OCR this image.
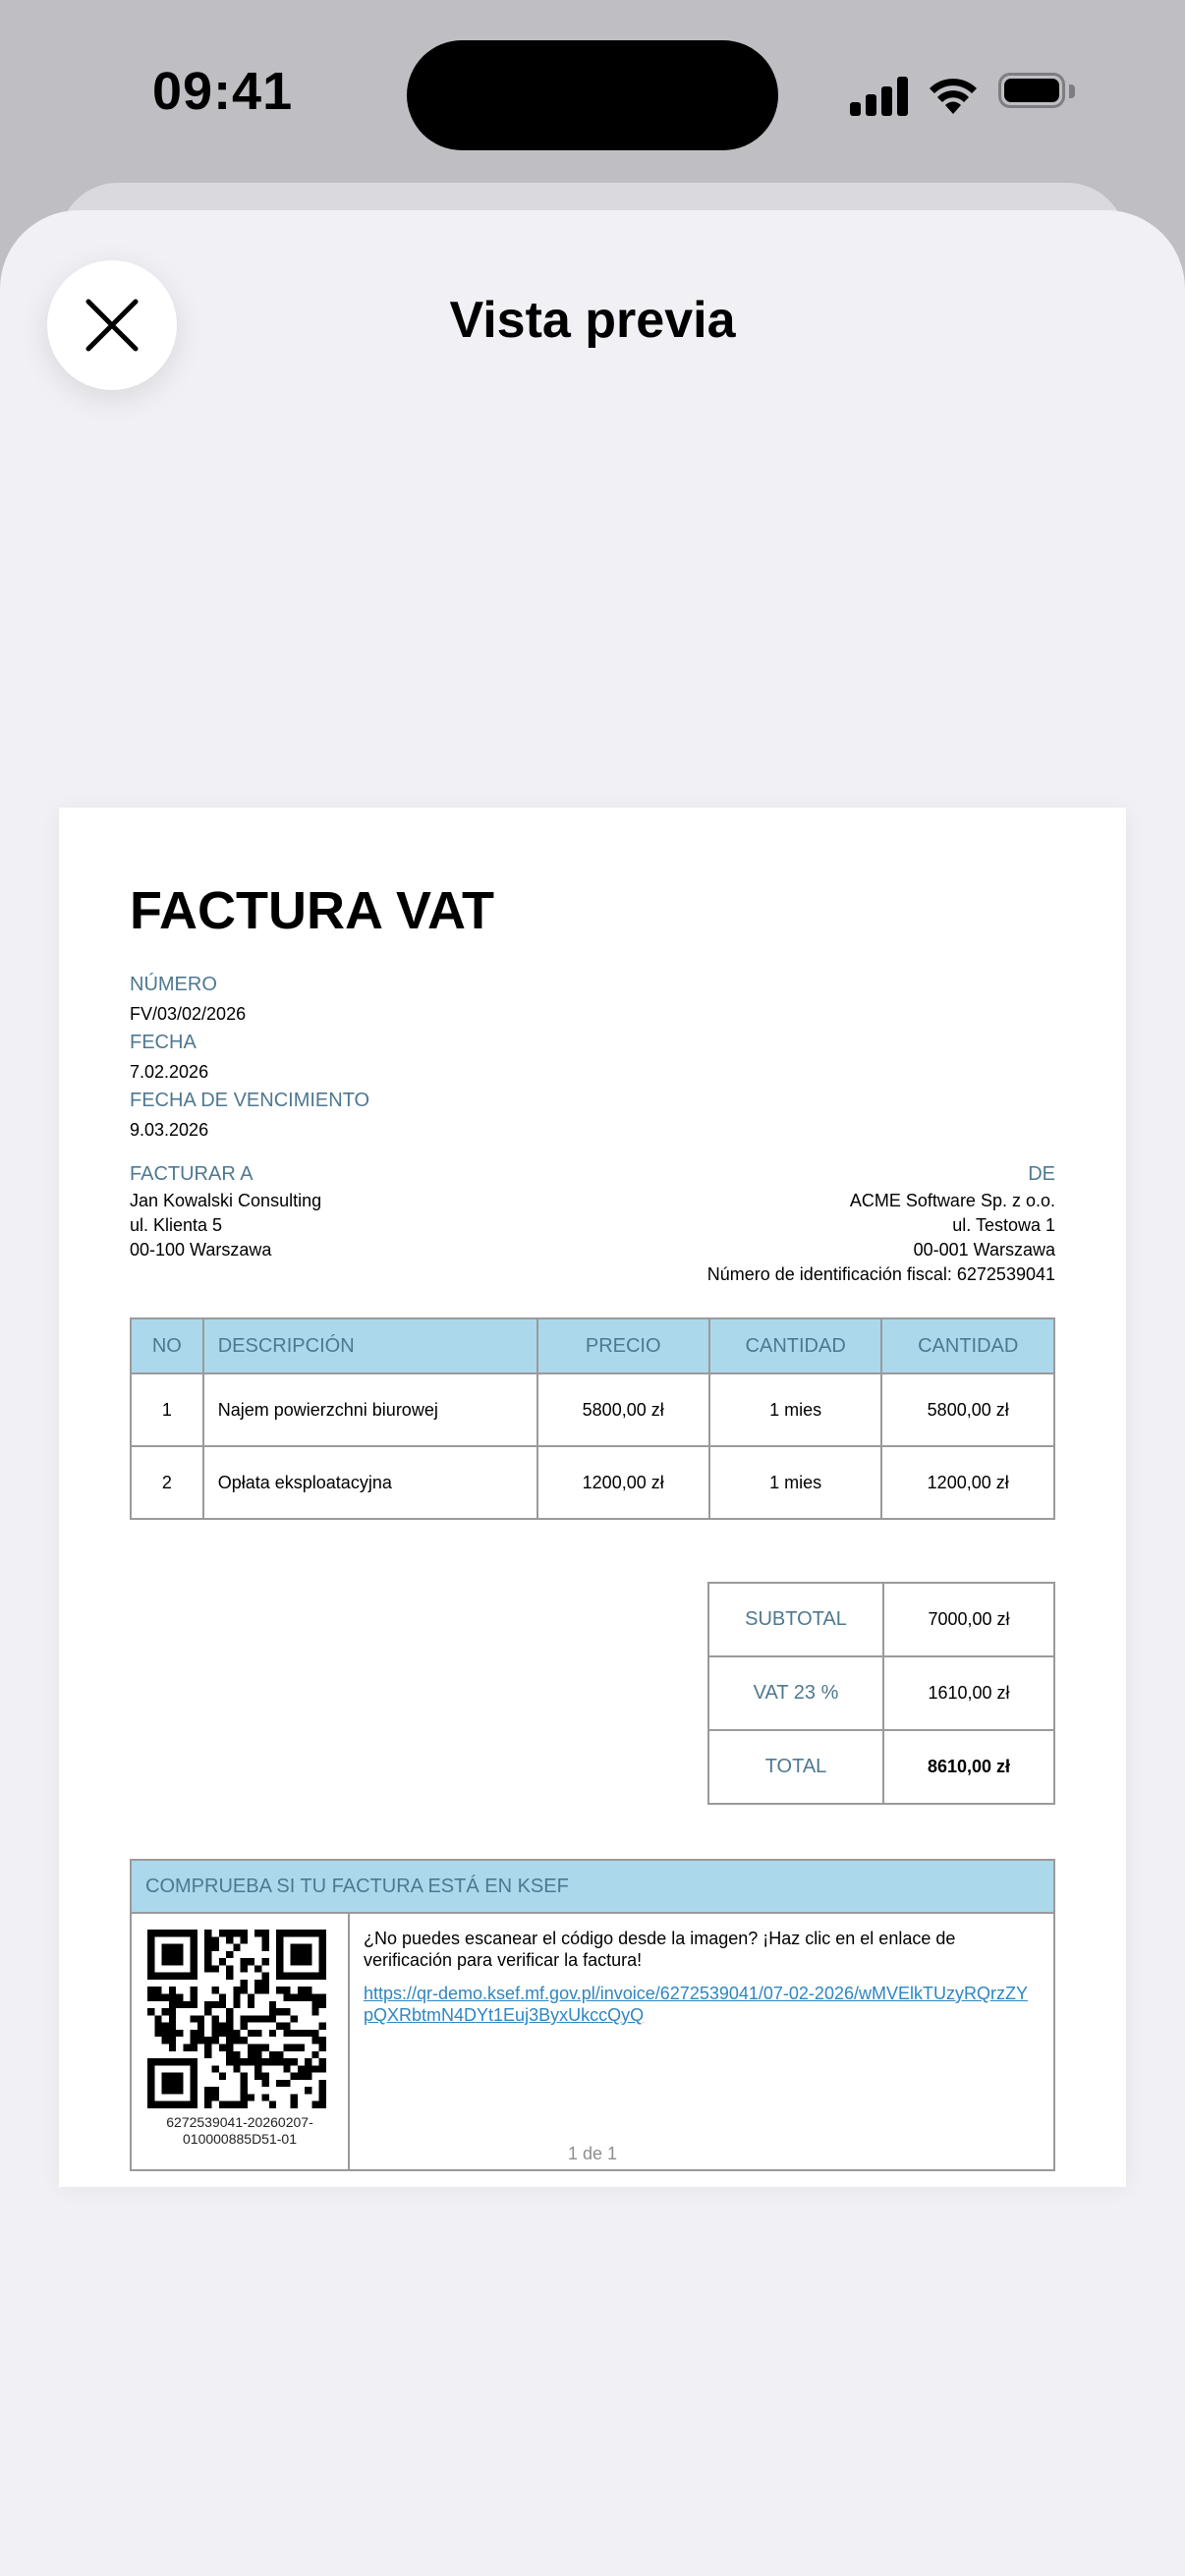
09:41
Vista previa
FACTURA VAT
NÚMERO
FV/03/02/2026
FECHA
7.02.2026
FECHA DE VENCIMIENTO
9.03.2026
FACTURAR A
Jan Kowalski Consulting
ul. Klienta 5
00-100 Warszawa
DE
ACME Software Sp. z o.o.
ul. Testowa 1
00-001 Warszawa
Número de identificación fiscal: 6272539041
NO	DESCRIPCIÓN	PRECIO	CANTIDAD	CANTIDAD
1	Najem powierzchni biurowej	5800,00 zł	1 mies	5800,00 zł
2	Opłata eksploatacyjna	1200,00 zł	1 mies	1200,00 zł
SUBTOTAL	7000,00 zł
VAT 23 %	1610,00 zł
TOTAL	8610,00 zł
COMPRUEBA SI TU FACTURA ESTÁ EN KSEF
6272539041-20260207-010000885D51-01
¿No puedes escanear el código desde la imagen? ¡Haz clic en el enlace de verificación para verificar la factura!
https://qr-demo.ksef.mf.gov.pl/invoice/6272539041/07-02-2026/wMVElkTUzyRQrzZYpQXRbtmN4DYt1Euj3ByxUkccQyQ
1 de 1
